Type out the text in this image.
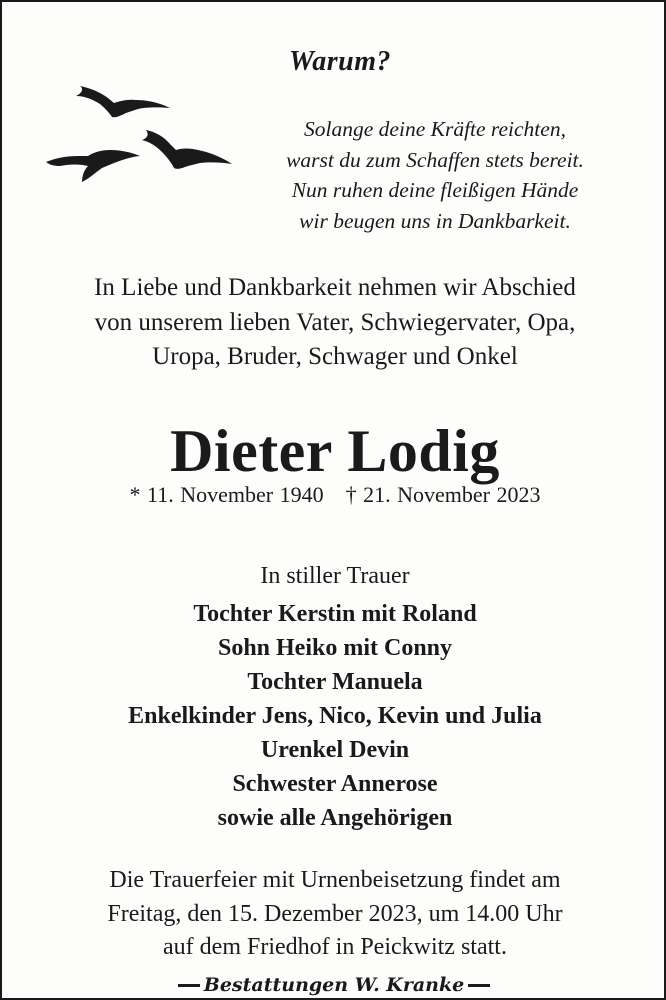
Warum?
Solange deine Kräfte reichten,
warst du zum Schaffen stets bereit.
Nun ruhen deine fleißigen Hände
wir beugen uns in Dankbarkeit.
In Liebe und Dankbarkeit nehmen wir Abschied
von unserem lieben Vater, Schwiegervater, Opa,
Uropa, Bruder, Schwager und Onkel
Dieter Lodig
* 11. November 1940 † 21. November 2023
In stiller Trauer
Tochter Kerstin mit Roland
Sohn Heiko mit Conny
Tochter Manuela
Enkelkinder Jens, Nico, Kevin und Julia
Urenkel Devin
Schwester Annerose
sowie alle Angehörigen
Die Trauerfeier mit Urnenbeisetzung findet am
Freitag, den 15. Dezember 2023, um 14.00 Uhr
auf dem Friedhof in Peickwitz statt.
Bestattungen W. Kranke
